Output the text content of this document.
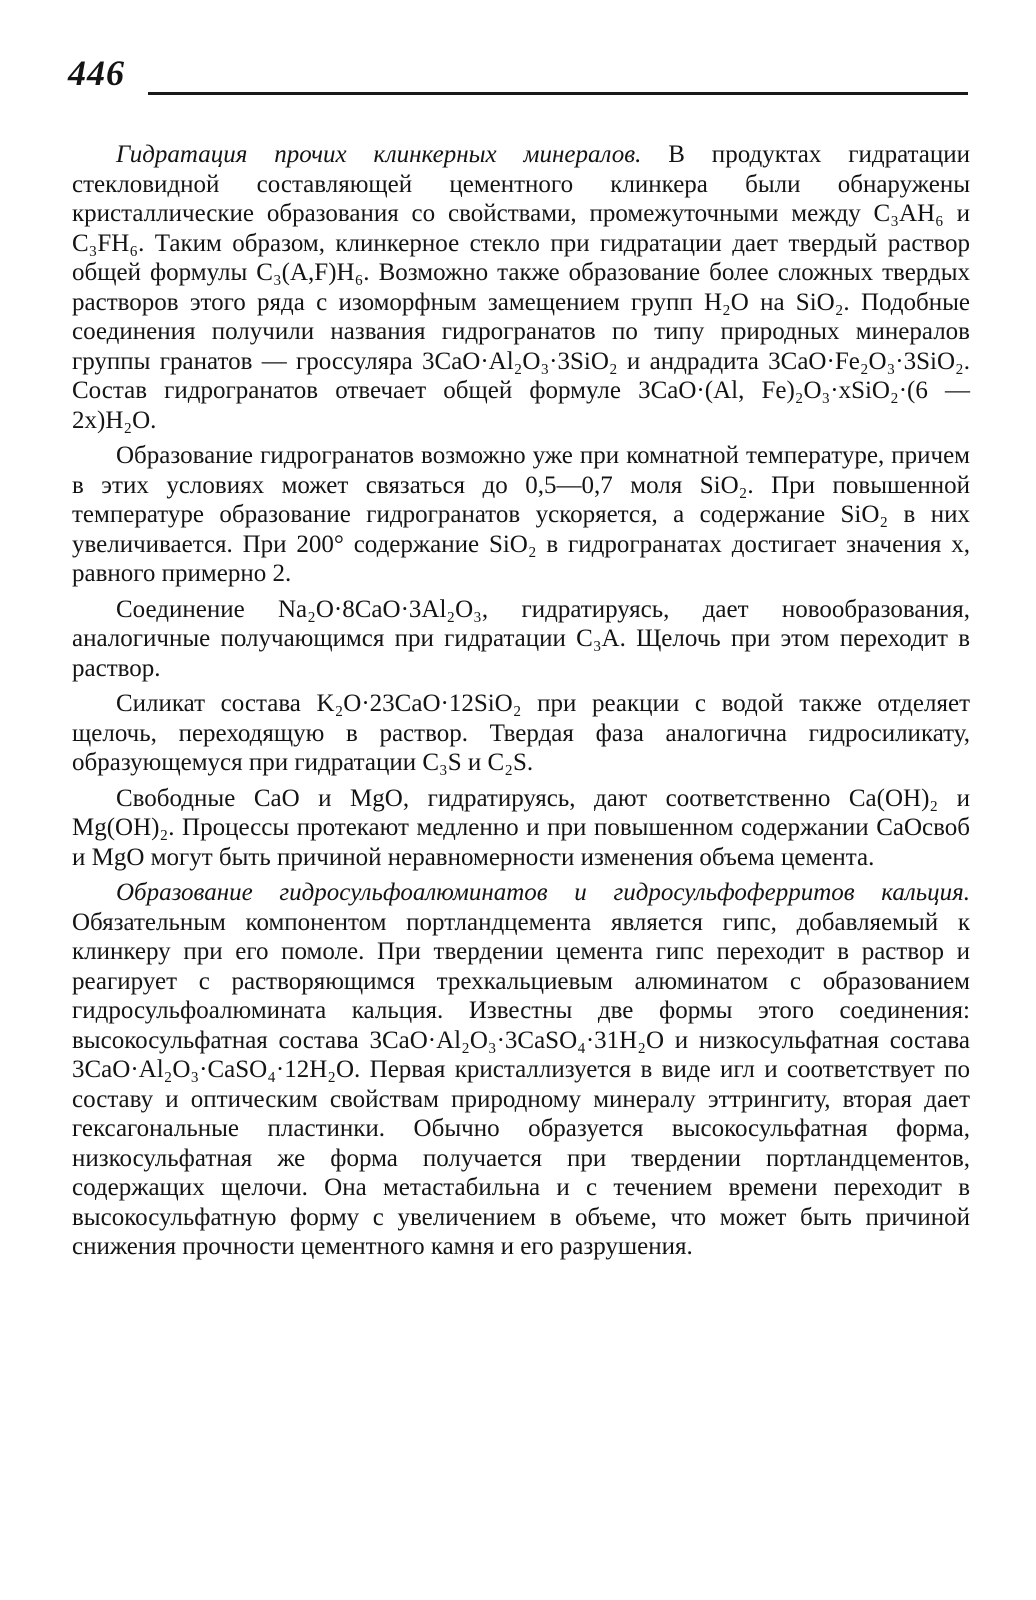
446

Гидратация прочих клинкерных минералов. В продуктах гидратации стекловидной составляющей цементного клинкера были обнаружены кристаллические образования со свойствами, промежуточными между C₃AH₆ и C₃FH₆. Таким образом, клинкерное стекло при гидратации дает твердый раствор общей формулы C₃(A,F)H₆. Возможно также образование более сложных твердых растворов этого ряда с изоморфным замещением групп H₂O на SiO₂. Подобные соединения получили названия гидрогранатов по типу природных минералов группы гранатов — гроссуляра 3CaO·Al₂O₃·3SiO₂ и андрадита 3CaO·Fe₂O₃·3SiO₂. Состав гидрогранатов отвечает общей формуле 3CaO·(Al, Fe)₂O₃·xSiO₂·(6 — 2x)H₂O.

Образование гидрогранатов возможно уже при комнатной температуре, причем в этих условиях может связаться до 0,5—0,7 моля SiO₂. При повышенной температуре образование гидрогранатов ускоряется, а содержание SiO₂ в них увеличивается. При 200° содержание SiO₂ в гидрогранатах достигает значения x, равного примерно 2.

Соединение Na₂O·8CaO·3Al₂O₃, гидратируясь, дает новообразования, аналогичные получающимся при гидратации C₃A. Щелочь при этом переходит в раствор.

Силикат состава K₂O·23CaO·12SiO₂ при реакции с водой также отделяет щелочь, переходящую в раствор. Твердая фаза аналогична гидросиликату, образующемуся при гидратации C₃S и C₂S.

Свободные CaO и MgO, гидратируясь, дают соответственно Ca(OH)₂ и Mg(OH)₂. Процессы протекают медленно и при повышенном содержании CaOсвоб и MgO могут быть причиной неравномерности изменения объема цемента.

Образование гидросульфоалюминатов и гидросульфоферритов кальция. Обязательным компонентом портландцемента является гипс, добавляемый к клинкеру при его помоле. При твердении цемента гипс переходит в раствор и реагирует с растворяющимся трехкальциевым алюминатом с образованием гидросульфоалюмината кальция. Известны две формы этого соединения: высокосульфатная состава 3CaO·Al₂O₃·3CaSO₄·31H₂O и низкосульфатная состава 3CaO·Al₂O₃·CaSO₄·12H₂O. Первая кристаллизуется в виде игл и соответствует по составу и оптическим свойствам природному минералу эттрингиту, вторая дает гексагональные пластинки. Обычно образуется высокосульфатная форма, низкосульфатная же форма получается при твердении портландцементов, содержащих щелочи. Она метастабильна и с течением времени переходит в высокосульфатную форму с увеличением в объеме, что может быть причиной снижения прочности цементного камня и его разрушения.
